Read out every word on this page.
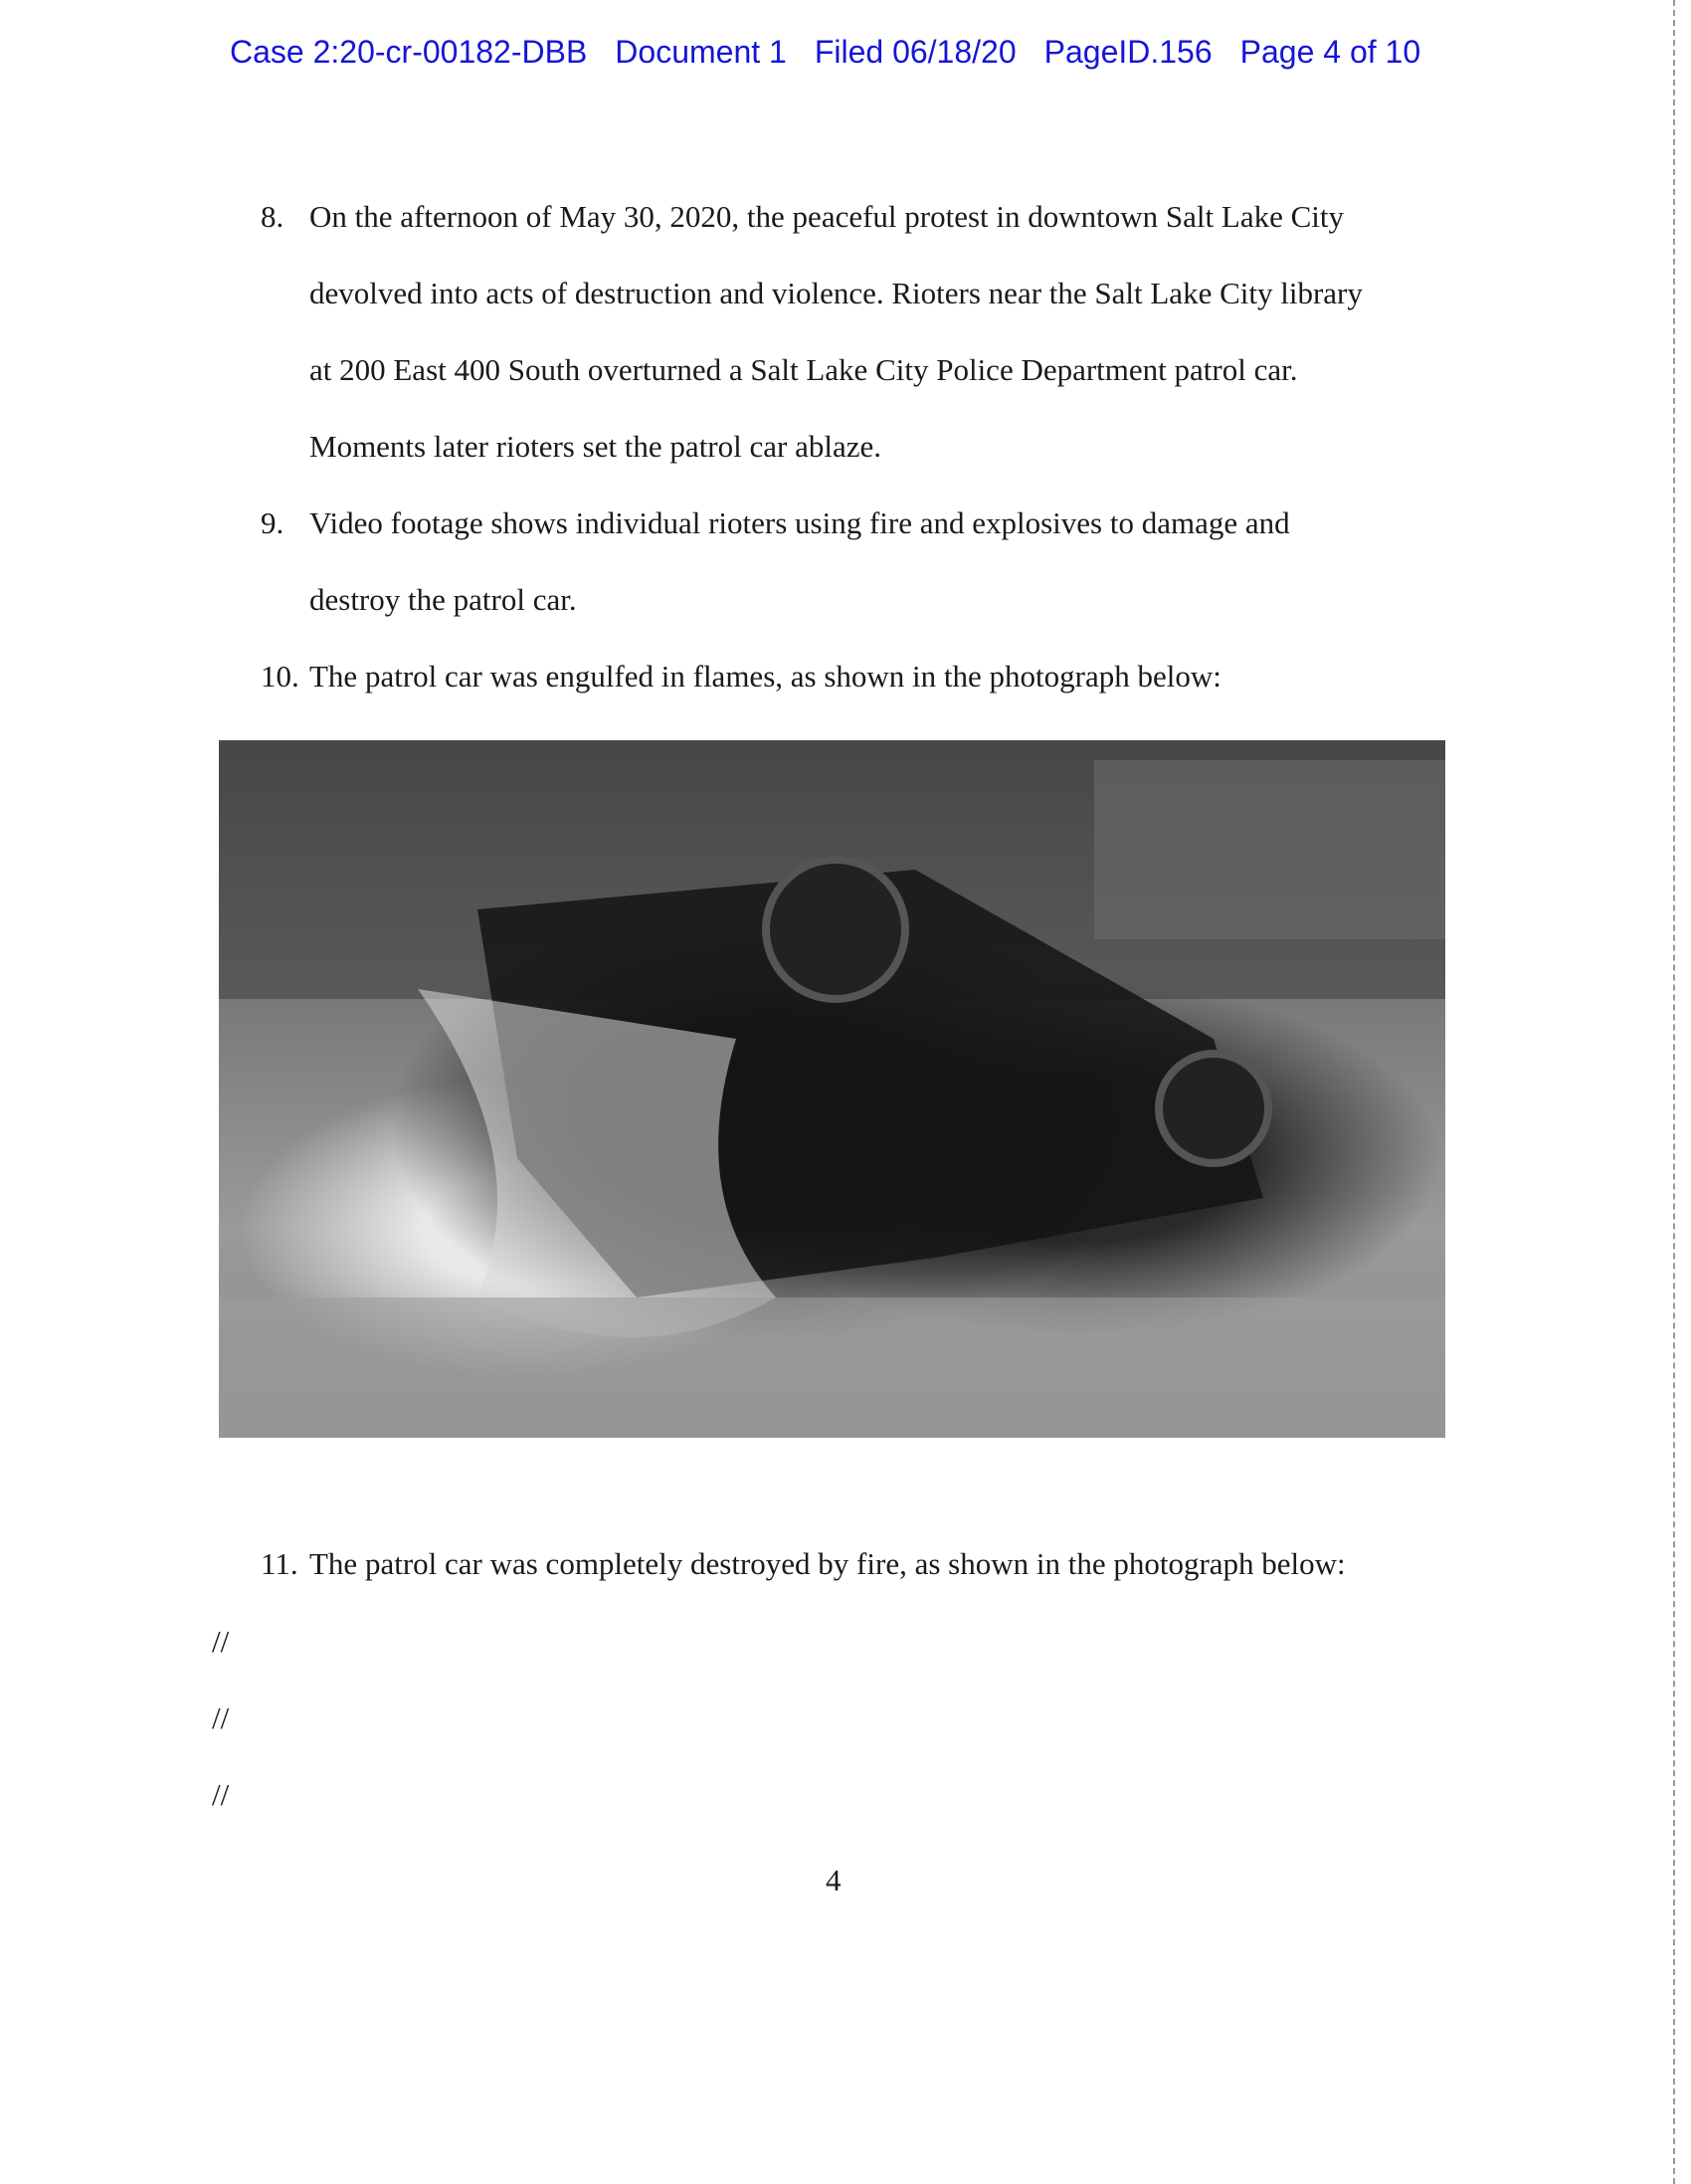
Case 2:20-cr-00182-DBB Document 1 Filed 06/18/20 PageID.156 Page 4 of 10
8. On the afternoon of May 30, 2020, the peaceful protest in downtown Salt Lake City
devolved into acts of destruction and violence. Rioters near the Salt Lake City library
at 200 East 400 South overturned a Salt Lake City Police Department patrol car.
Moments later rioters set the patrol car ablaze.
9. Video footage shows individual rioters using fire and explosives to damage and
destroy the patrol car.
10. The patrol car was engulfed in flames, as shown in the photograph below:
11. The patrol car was completely destroyed by fire, as shown in the photograph below:
//
//
//
4
